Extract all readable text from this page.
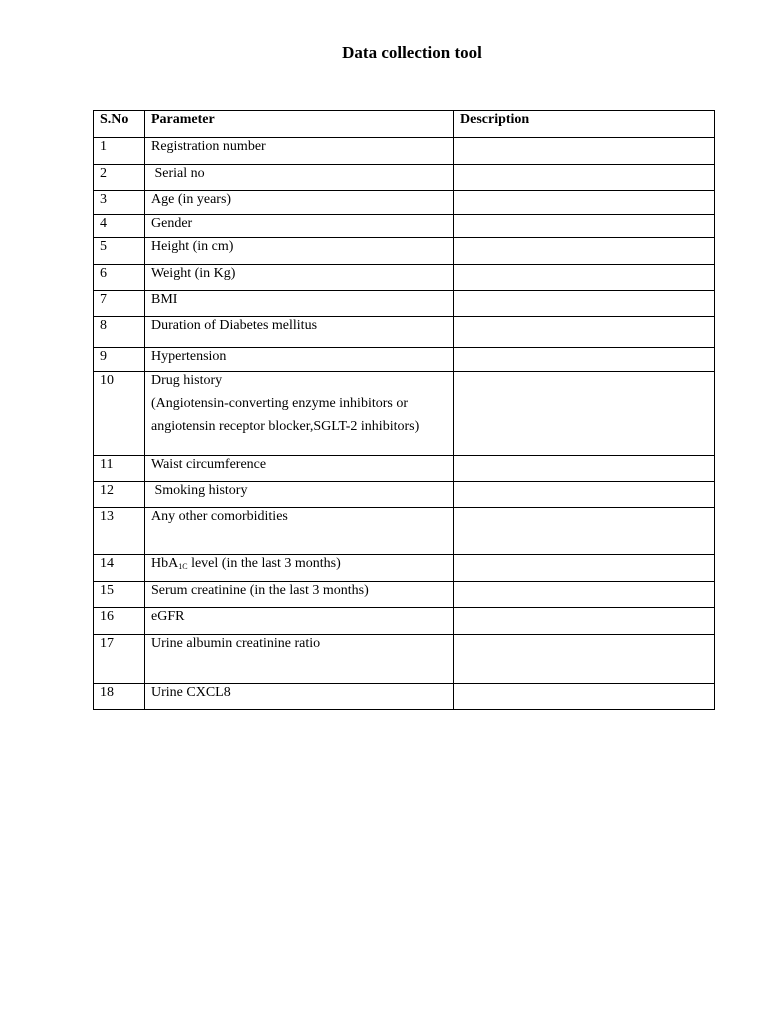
Data collection tool
S.No	Parameter	Description
1	Registration number	
2	Serial no	
3	Age (in years)	
4	Gender	
5	Height (in cm)	
6	Weight (in Kg)	
7	BMI	
8	Duration of Diabetes mellitus	
9	Hypertension	
10	Drug history
(Angiotensin-converting enzyme inhibitors or
angiotensin receptor blocker,SGLT-2 inhibitors)	

11	Waist circumference	
12	Smoking history	
13	Any other comorbidities	
14	HbA$_{1C}$ level (in the last 3 months)	
15	Serum creatinine (in the last 3 months)	
16	eGFR	
17	Urine albumin creatinine ratio	
18	Urine CXCL8	
